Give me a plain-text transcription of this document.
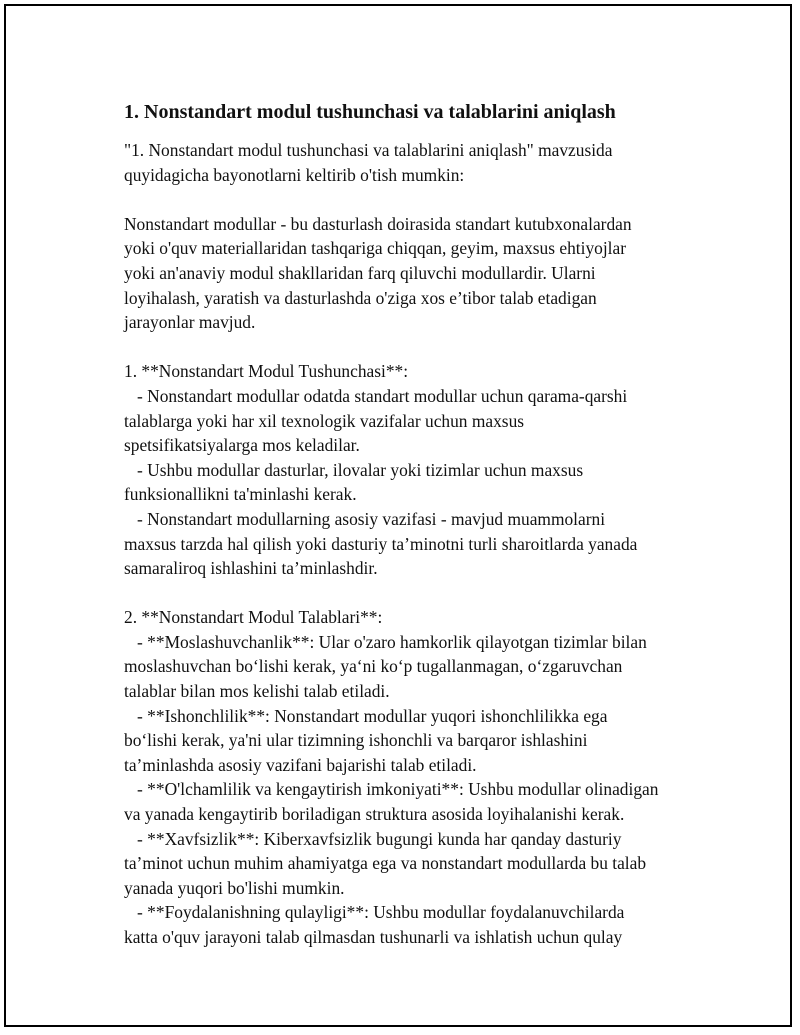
1. Nonstandart modul tushunchasi va talablarini aniqlash
"1. Nonstandart modul tushunchasi va talablarini aniqlash" mavzusida
quyidagicha bayonotlarni keltirib o'tish mumkin:
Nonstandart modullar - bu dasturlash doirasida standart kutubxonalardan
yoki o'quv materiallaridan tashqariga chiqqan, geyim, maxsus ehtiyojlar
yoki an'anaviy modul shakllaridan farq qiluvchi modullardir. Ularni
loyihalash, yaratish va dasturlashda o'ziga xos e’tibor talab etadigan
jarayonlar mavjud.
1. **Nonstandart Modul Tushunchasi**:
- Nonstandart modullar odatda standart modullar uchun qarama-qarshi
talablarga yoki har xil texnologik vazifalar uchun maxsus
spetsifikatsiyalarga mos keladilar.
- Ushbu modullar dasturlar, ilovalar yoki tizimlar uchun maxsus
funksionallikni ta'minlashi kerak.
- Nonstandart modullarning asosiy vazifasi - mavjud muammolarni
maxsus tarzda hal qilish yoki dasturiy ta’minotni turli sharoitlarda yanada
samaraliroq ishlashini ta’minlashdir.
2. **Nonstandart Modul Talablari**:
- **Moslashuvchanlik**: Ular o'zaro hamkorlik qilayotgan tizimlar bilan
moslashuvchan bo‘lishi kerak, ya‘ni ko‘p tugallanmagan, o‘zgaruvchan
talablar bilan mos kelishi talab etiladi.
- **Ishonchlilik**: Nonstandart modullar yuqori ishonchlilikka ega
bo‘lishi kerak, ya'ni ular tizimning ishonchli va barqaror ishlashini
ta’minlashda asosiy vazifani bajarishi talab etiladi.
- **O'lchamlilik va kengaytirish imkoniyati**: Ushbu modullar olinadigan
va yanada kengaytirib boriladigan struktura asosida loyihalanishi kerak.
- **Xavfsizlik**: Kiberxavfsizlik bugungi kunda har qanday dasturiy
ta’minot uchun muhim ahamiyatga ega va nonstandart modullarda bu talab
yanada yuqori bo'lishi mumkin.
- **Foydalanishning qulayligi**: Ushbu modullar foydalanuvchilarda
katta o'quv jarayoni talab qilmasdan tushunarli va ishlatish uchun qulay
